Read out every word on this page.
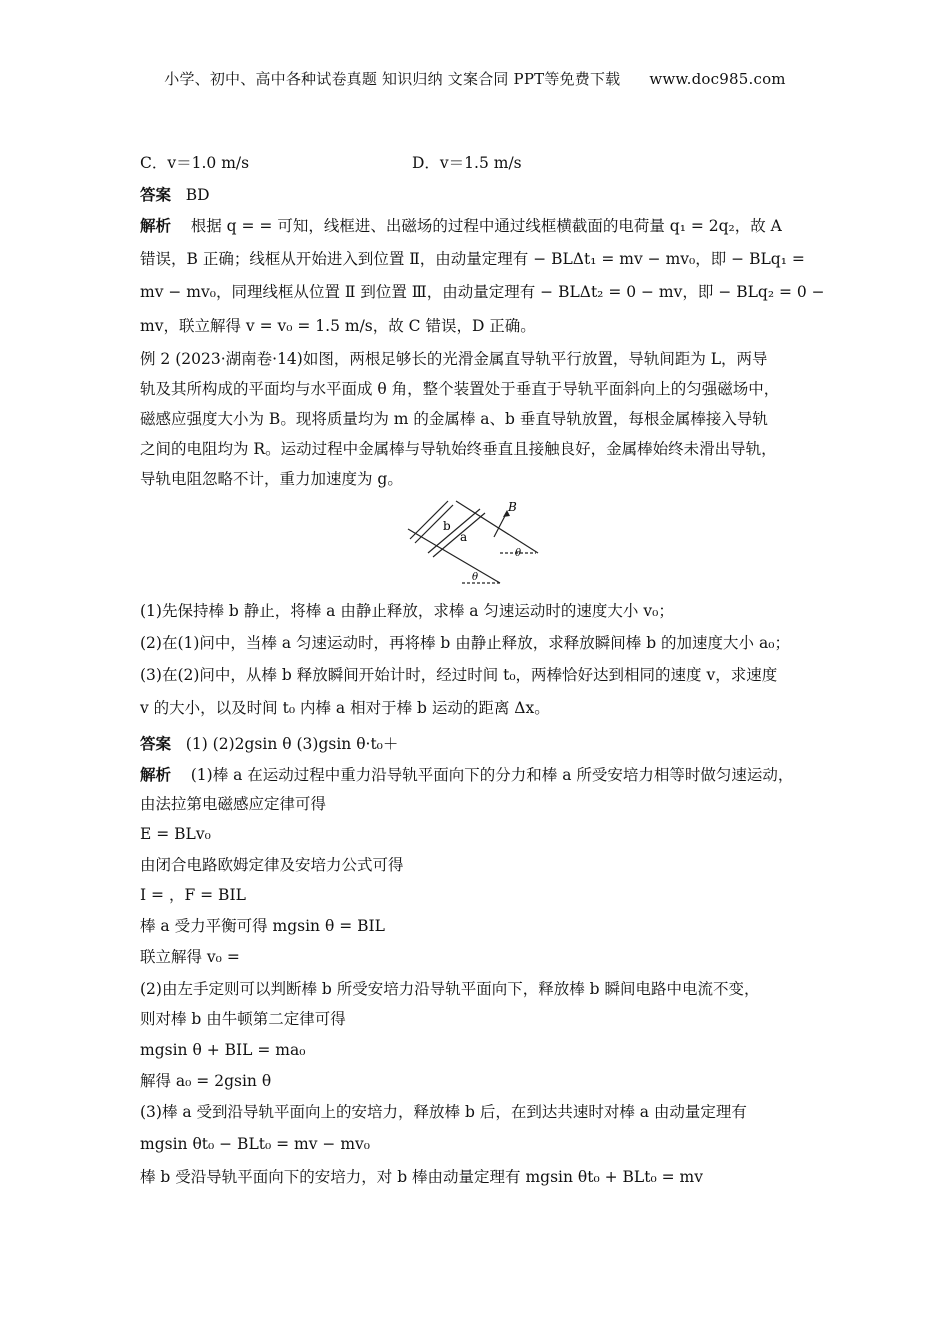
小学、初中、高中各种试卷真题 知识归纳 文案合同 PPT等免费下载 www.doc985.com
C．v＝1.0 m/s	D．v＝1.5 m/s
答案 BD
解析 根据 q = = 可知，线框进、出磁场的过程中通过线框横截面的电荷量 q₁ = 2q₂，故 A
错误，B 正确；线框从开始进入到位置 Ⅱ，由动量定理有 − BLΔt₁ = mv − mv₀，即 − BLq₁ =
mv − mv₀，同理线框从位置 Ⅱ 到位置 Ⅲ，由动量定理有 − BLΔt₂ = 0 − mv，即 − BLq₂ = 0 −
mv，联立解得 v = v₀ = 1.5 m/s，故 C 错误，D 正确。
例 2 (2023·湖南卷·14)如图，两根足够长的光滑金属直导轨平行放置，导轨间距为 L，两导
轨及其所构成的平面均与水平面成 θ 角，整个装置处于垂直于导轨平面斜向上的匀强磁场中，
磁感应强度大小为 B。现将质量均为 m 的金属棒 a、b 垂直导轨放置，每根金属棒接入导轨
之间的电阻均为 R。运动过程中金属棒与导轨始终垂直且接触良好，金属棒始终未滑出导轨，
导轨电阻忽略不计，重力加速度为 g。
B
b
a
θ
θ
(1)先保持棒 b 静止，将棒 a 由静止释放，求棒 a 匀速运动时的速度大小 v₀；
(2)在(1)问中，当棒 a 匀速运动时，再将棒 b 由静止释放，求释放瞬间棒 b 的加速度大小 a₀；
(3)在(2)问中，从棒 b 释放瞬间开始计时，经过时间 t₀，两棒恰好达到相同的速度 v，求速度
v 的大小，以及时间 t₀ 内棒 a 相对于棒 b 运动的距离 Δx。
答案 (1) (2)2gsin θ (3)gsin θ·t₀＋
解析 (1)棒 a 在运动过程中重力沿导轨平面向下的分力和棒 a 所受安培力相等时做匀速运动，
由法拉第电磁感应定律可得
E = BLv₀
由闭合电路欧姆定律及安培力公式可得
I = ，F = BIL
棒 a 受力平衡可得 mgsin θ = BIL
联立解得 v₀ =
(2)由左手定则可以判断棒 b 所受安培力沿导轨平面向下，释放棒 b 瞬间电路中电流不变，
则对棒 b 由牛顿第二定律可得
mgsin θ + BIL = ma₀
解得 a₀ = 2gsin θ
(3)棒 a 受到沿导轨平面向上的安培力，释放棒 b 后，在到达共速时对棒 a 由动量定理有
mgsin θt₀ − BLt₀ = mv − mv₀
棒 b 受沿导轨平面向下的安培力，对 b 棒由动量定理有 mgsin θt₀ + BLt₀ = mv
